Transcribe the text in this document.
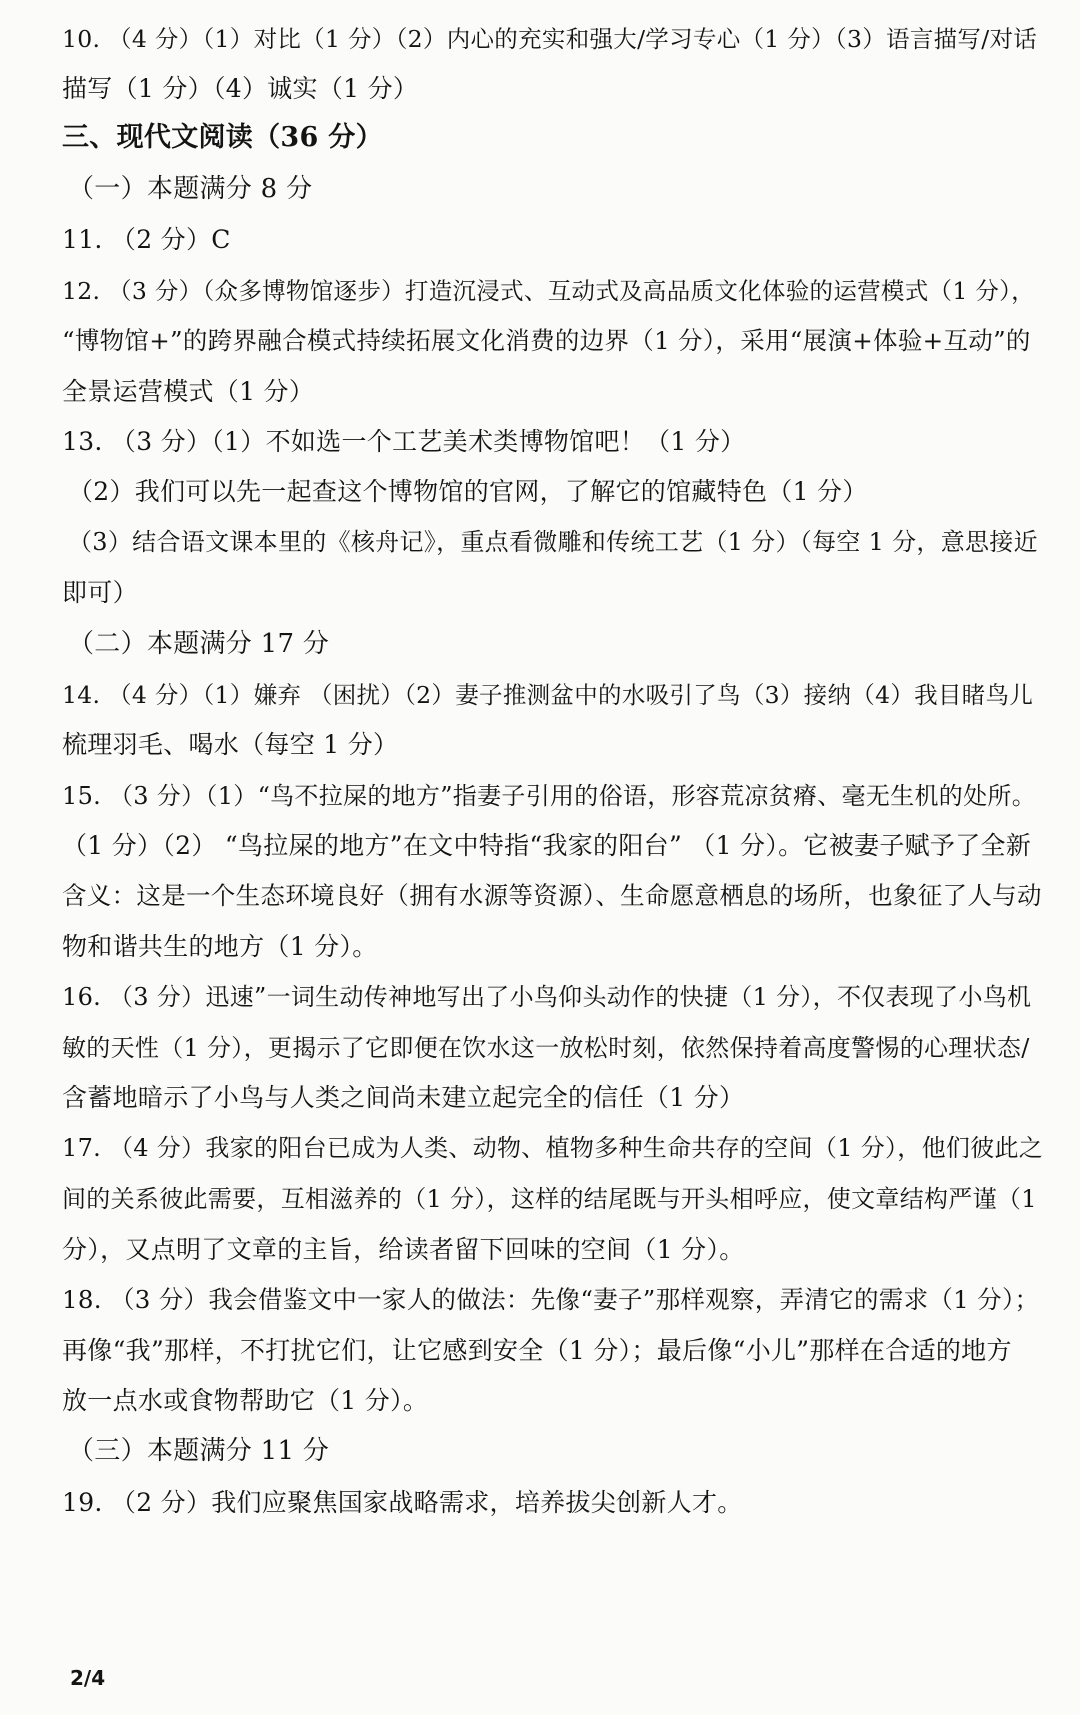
10. （4 分）（1）对比（1 分）（2）内心的充实和强大/学习专心（1 分）（3）语言描写/对话
描写（1 分）（4）诚实（1 分）
三、现代文阅读（36 分）
（一）本题满分 8 分
11. （2 分）C
12. （3 分）（众多博物馆逐步）打造沉浸式、互动式及高品质文化体验的运营模式（1 分），
“博物馆+”的跨界融合模式持续拓展文化消费的边界（1 分），采用“展演+体验+互动”的
全景运营模式（1 分）
13. （3 分）（1）不如选一个工艺美术类博物馆吧！（1 分）
（2）我们可以先一起查这个博物馆的官网，了解它的馆藏特色（1 分）
（3）结合语文课本里的《核舟记》，重点看微雕和传统工艺（1 分）（每空 1 分，意思接近
即可）
（二）本题满分 17 分
14. （4 分）（1）嫌弃 （困扰）（2）妻子推测盆中的水吸引了鸟（3）接纳（4）我目睹鸟儿
梳理羽毛、喝水（每空 1 分）
15. （3 分）（1）“鸟不拉屎的地方”指妻子引用的俗语，形容荒凉贫瘠、毫无生机的处所。
（1 分）（2） “鸟拉屎的地方”在文中特指“我家的阳台” （1 分）。它被妻子赋予了全新
含义：这是一个生态环境良好（拥有水源等资源）、生命愿意栖息的场所，也象征了人与动
物和谐共生的地方（1 分）。
16. （3 分）迅速”一词生动传神地写出了小鸟仰头动作的快捷（1 分），不仅表现了小鸟机
敏的天性（1 分），更揭示了它即便在饮水这一放松时刻，依然保持着高度警惕的心理状态/
含蓄地暗示了小鸟与人类之间尚未建立起完全的信任（1 分）
17. （4 分）我家的阳台已成为人类、动物、植物多种生命共存的空间（1 分），他们彼此之
间的关系彼此需要，互相滋养的（1 分），这样的结尾既与开头相呼应，使文章结构严谨（1
分），又点明了文章的主旨，给读者留下回味的空间（1 分）。
18. （3 分）我会借鉴文中一家人的做法：先像“妻子”那样观察，弄清它的需求（1 分）；
再像“我”那样，不打扰它们，让它感到安全（1 分）；最后像“小儿”那样在合适的地方
放一点水或食物帮助它（1 分）。
（三）本题满分 11 分
19. （2 分）我们应聚焦国家战略需求，培养拔尖创新人才。
2/4
